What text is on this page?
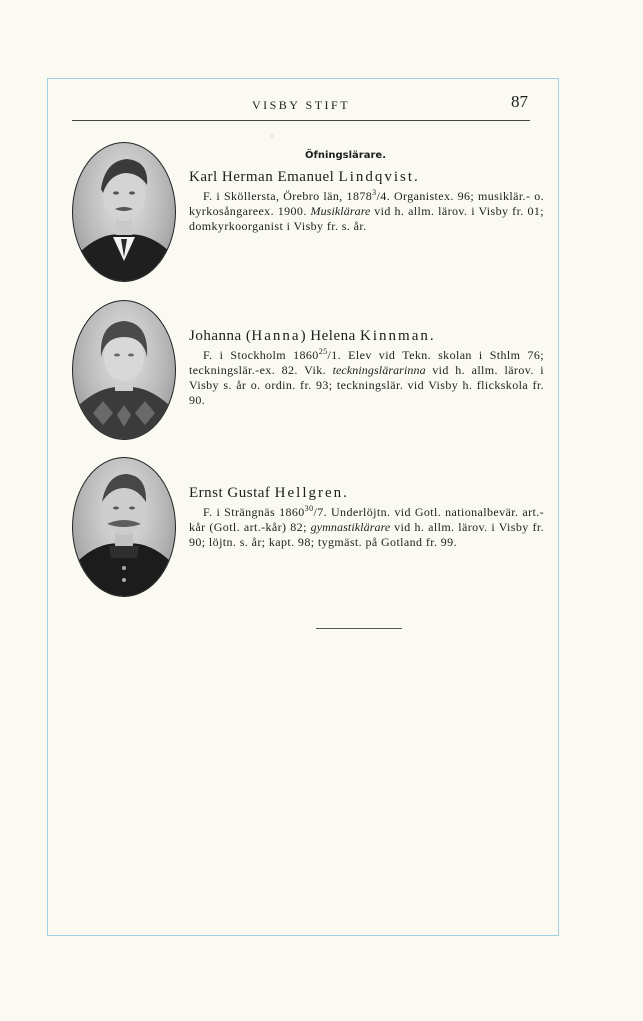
VISBY STIFT	87
Öfningslärare.

Karl Herman Emanuel Lindqvist.

F. i Sköllersta, Örebro län, 1878$^3$/4. Organistex. 96; musiklär.- o. kyrkosångareex. 1900. Musiklärare vid h. allm. lärov. i Visby fr. 01; domkyrkoorganist i Visby fr. s. år.

Johanna (Hanna) Helena Kinnman.

F. i Stockholm 1860$^{25}$/1. Elev vid Tekn. skolan i Sthlm 76; teckningslär.-ex. 82. Vik. teckningslärarinna vid h. allm. lärov. i Visby s. år o. ordin. fr. 93; teckningslär. vid Visby h. flickskola fr. 90.

Ernst Gustaf Hellgren.

F. i Strängnäs 1860$^{30}$/7. Underlöjtn. vid Gotl. nationalbevär. art.-kår (Gotl. art.-kår) 82; gymnastiklärare vid h. allm. lärov. i Visby fr. 90; löjtn. s. år; kapt. 98; tygmäst. på Gotland fr. 99.
